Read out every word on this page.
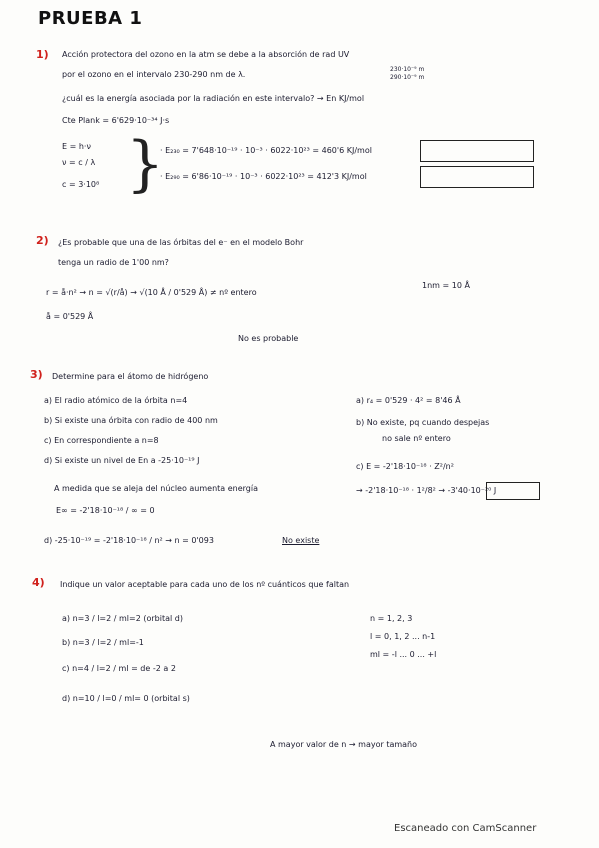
PRUEBA 1
1) Acción protectora del ozono en la atm se debe a la absorción de rad UV
por el ozono en el intervalo 230-290 nm de λ.
230·10⁻⁹ m
290·10⁻⁹ m
¿cuál es la energía asociada por la radiación en este intervalo? → En KJ/mol
Cte Plank = 6'629·10⁻³⁴ J·s
E = h·ν
ν = c / λ
c = 3·10⁸ }
· E₂₃₀ = 7'648·10⁻¹⁹ · 10⁻³ · 6022·10²³ = 460'6 KJ/mol
· E₂₉₀ = 6'86·10⁻¹⁹ · 10⁻³ · 6022·10²³ = 412'3 KJ/mol
2) ¿Es probable que una de las órbitas del e⁻ en el modelo Bohr
tenga un radio de 1'00 nm?
r = å·n² → n = √(r/å) → √(10 Å / 0'529 Å) ≠ nº entero
å = 0'529 Å
1nm = 10 Å
No es probable
3) Determine para el átomo de hidrógeno
a) El radio atómico de la órbita n=4
b) Si existe una órbita con radio de 400 nm
c) En correspondiente a n=8
d) Si existe un nivel de En a -25·10⁻¹⁹ J
a) r₄ = 0'529 · 4² = 8'46 Å
b) No existe, pq cuando despejas
no sale nº entero
c) E = -2'18·10⁻¹⁸ · Z²/n²
→ -2'18·10⁻¹⁸ · 1²/8² → -3'40·10⁻²⁰ J
A medida que se aleja del núcleo aumenta energía
E∞ = -2'18·10⁻¹⁸ / ∞ = 0
d) -25·10⁻¹⁹ = -2'18·10⁻¹⁸ / n² → n = 0'093	No existe
4) Indique un valor aceptable para cada uno de los nº cuánticos que faltan
a) n=3 / l=2 / ml=2 (orbital d)
b) n=3 / l=2 / ml=-1
c) n=4 / l=2 / ml = de -2 a 2
d) n=10 / l=0 / ml= 0 (orbital s)
n = 1, 2, 3
l = 0, 1, 2 ... n-1
ml = -l ... 0 ... +l
A mayor valor de n → mayor tamaño
Escaneado con CamScanner
